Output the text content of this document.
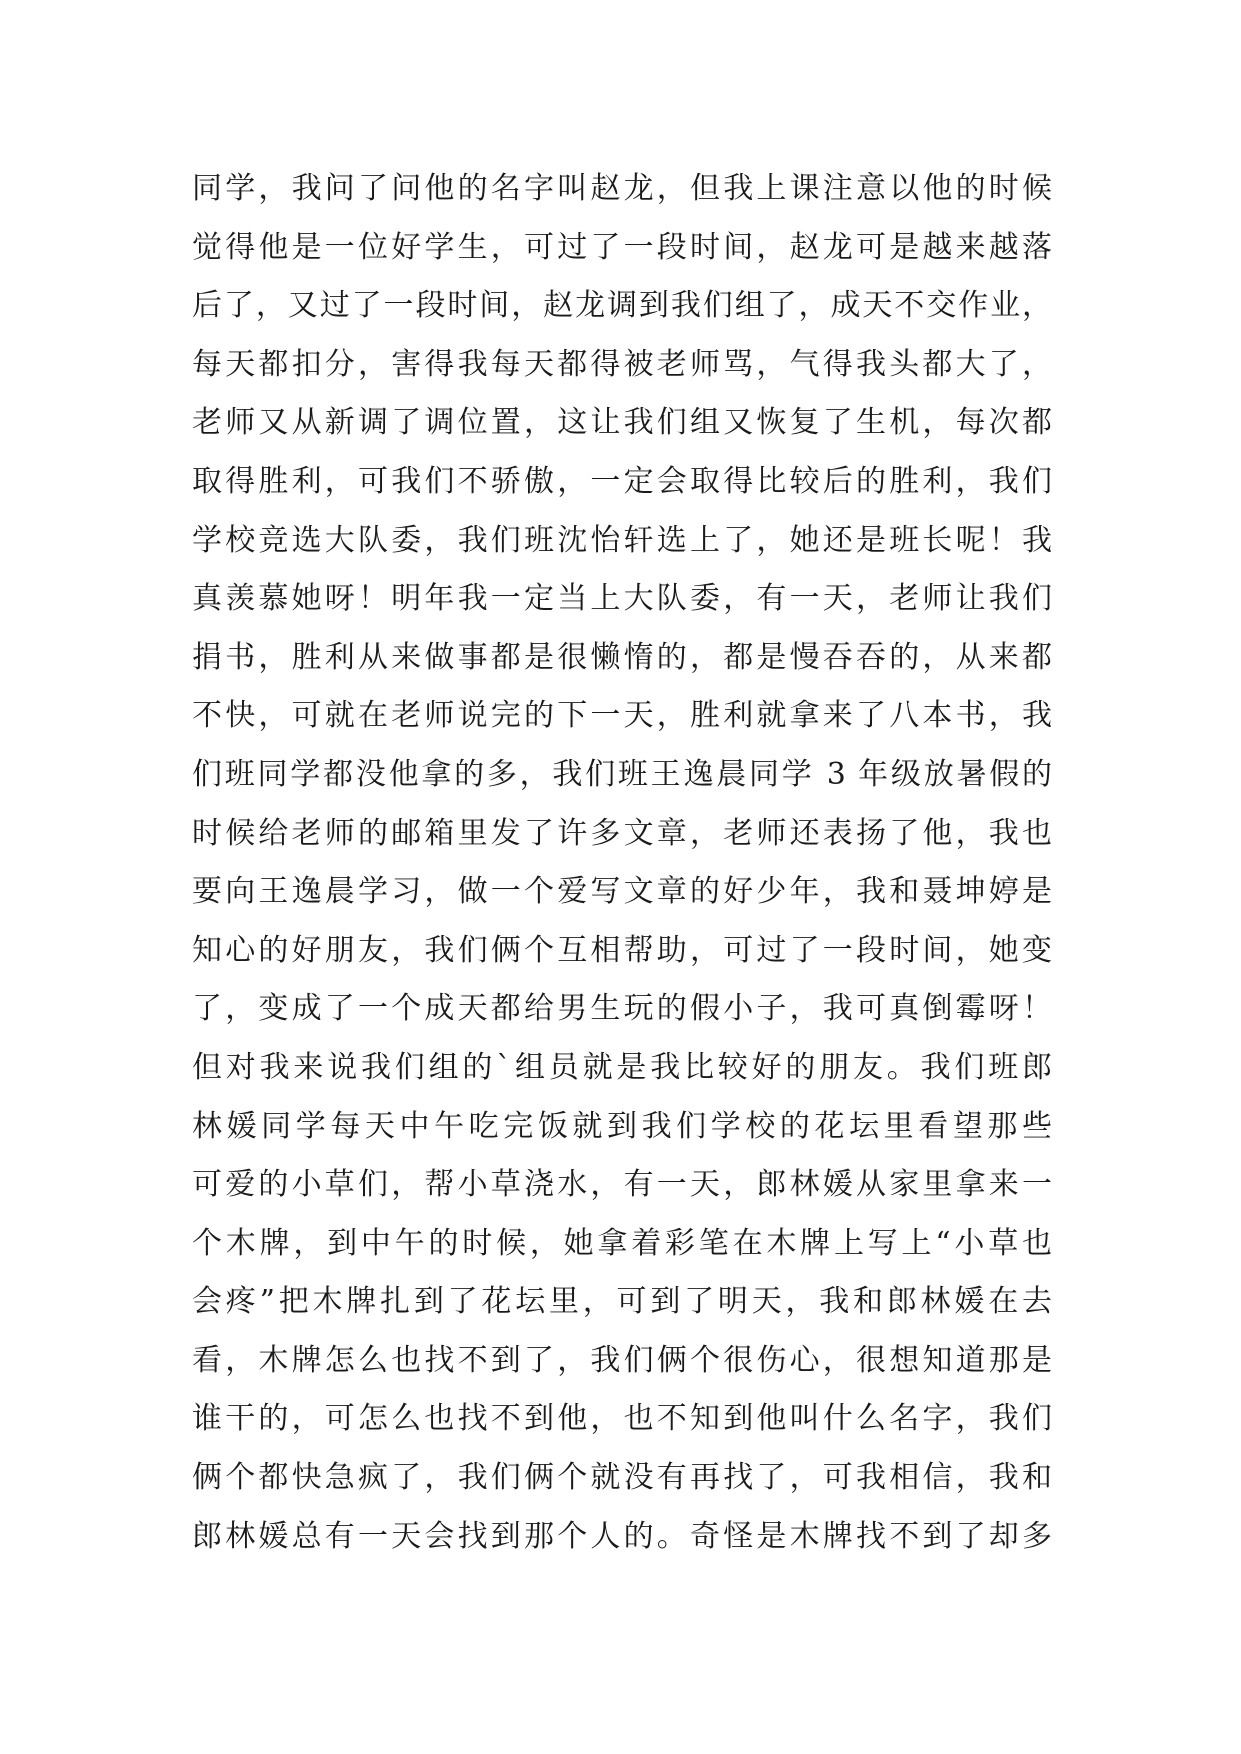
同学，我问了问他的名字叫赵龙，但我上课注意以他的时候
觉得他是一位好学生，可过了一段时间，赵龙可是越来越落
后了，又过了一段时间，赵龙调到我们组了，成天不交作业，
每天都扣分，害得我每天都得被老师骂，气得我头都大了，
老师又从新调了调位置，这让我们组又恢复了生机，每次都
取得胜利，可我们不骄傲，一定会取得比较后的胜利，我们
学校竞选大队委，我们班沈怡轩选上了，她还是班长呢！我
真羡慕她呀！明年我一定当上大队委，有一天，老师让我们
捐书，胜利从来做事都是很懒惰的，都是慢吞吞的，从来都
不快，可就在老师说完的下一天，胜利就拿来了八本书，我
们班同学都没他拿的多，我们班王逸晨同学 3 年级放暑假的
时候给老师的邮箱里发了许多文章，老师还表扬了他，我也
要向王逸晨学习，做一个爱写文章的好少年，我和聂坤婷是
知心的好朋友，我们俩个互相帮助，可过了一段时间，她变
了，变成了一个成天都给男生玩的假小子，我可真倒霉呀！
但对我来说我们组的`组员就是我比较好的朋友。我们班郎
林媛同学每天中午吃完饭就到我们学校的花坛里看望那些
可爱的小草们，帮小草浇水，有一天，郎林媛从家里拿来一
个木牌，到中午的时候，她拿着彩笔在木牌上写上“小草也
会疼”把木牌扎到了花坛里，可到了明天，我和郎林媛在去
看，木牌怎么也找不到了，我们俩个很伤心，很想知道那是
谁干的，可怎么也找不到他，也不知到他叫什么名字，我们
俩个都快急疯了，我们俩个就没有再找了，可我相信，我和
郎林媛总有一天会找到那个人的。奇怪是木牌找不到了却多
